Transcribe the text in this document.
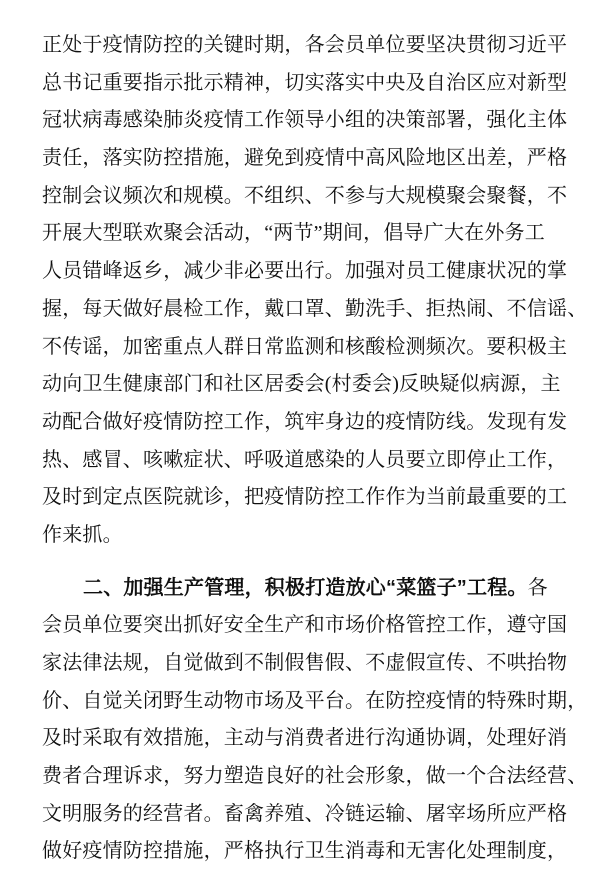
正处于疫情防控的关键时期，各会员单位要坚决贯彻习近平
总书记重要指示批示精神，切实落实中央及自治区应对新型
冠状病毒感染肺炎疫情工作领导小组的决策部署，强化主体
责任，落实防控措施，避免到疫情中高风险地区出差，严格
控制会议频次和规模。不组织、不参与大规模聚会聚餐，不
开展大型联欢聚会活动，“两节”期间，倡导广大在外务工
人员错峰返乡，减少非必要出行。加强对员工健康状况的掌
握，每天做好晨检工作，戴口罩、勤洗手、拒热闹、不信谣、
不传谣，加密重点人群日常监测和核酸检测频次。要积极主
动向卫生健康部门和社区居委会(村委会)反映疑似病源，主
动配合做好疫情防控工作，筑牢身边的疫情防线。发现有发
热、感冒、咳嗽症状、呼吸道感染的人员要立即停止工作，
及时到定点医院就诊，把疫情防控工作作为当前最重要的工
作来抓。
二、加强生产管理，积极打造放心“菜篮子”工程。各
会员单位要突出抓好安全生产和市场价格管控工作，遵守国
家法律法规，自觉做到不制假售假、不虚假宣传、不哄抬物
价、自觉关闭野生动物市场及平台。在防控疫情的特殊时期，
及时采取有效措施，主动与消费者进行沟通协调，处理好消
费者合理诉求，努力塑造良好的社会形象，做一个合法经营、
文明服务的经营者。畜禽养殖、冷链运输、屠宰场所应严格
做好疫情防控措施，严格执行卫生消毒和无害化处理制度，
